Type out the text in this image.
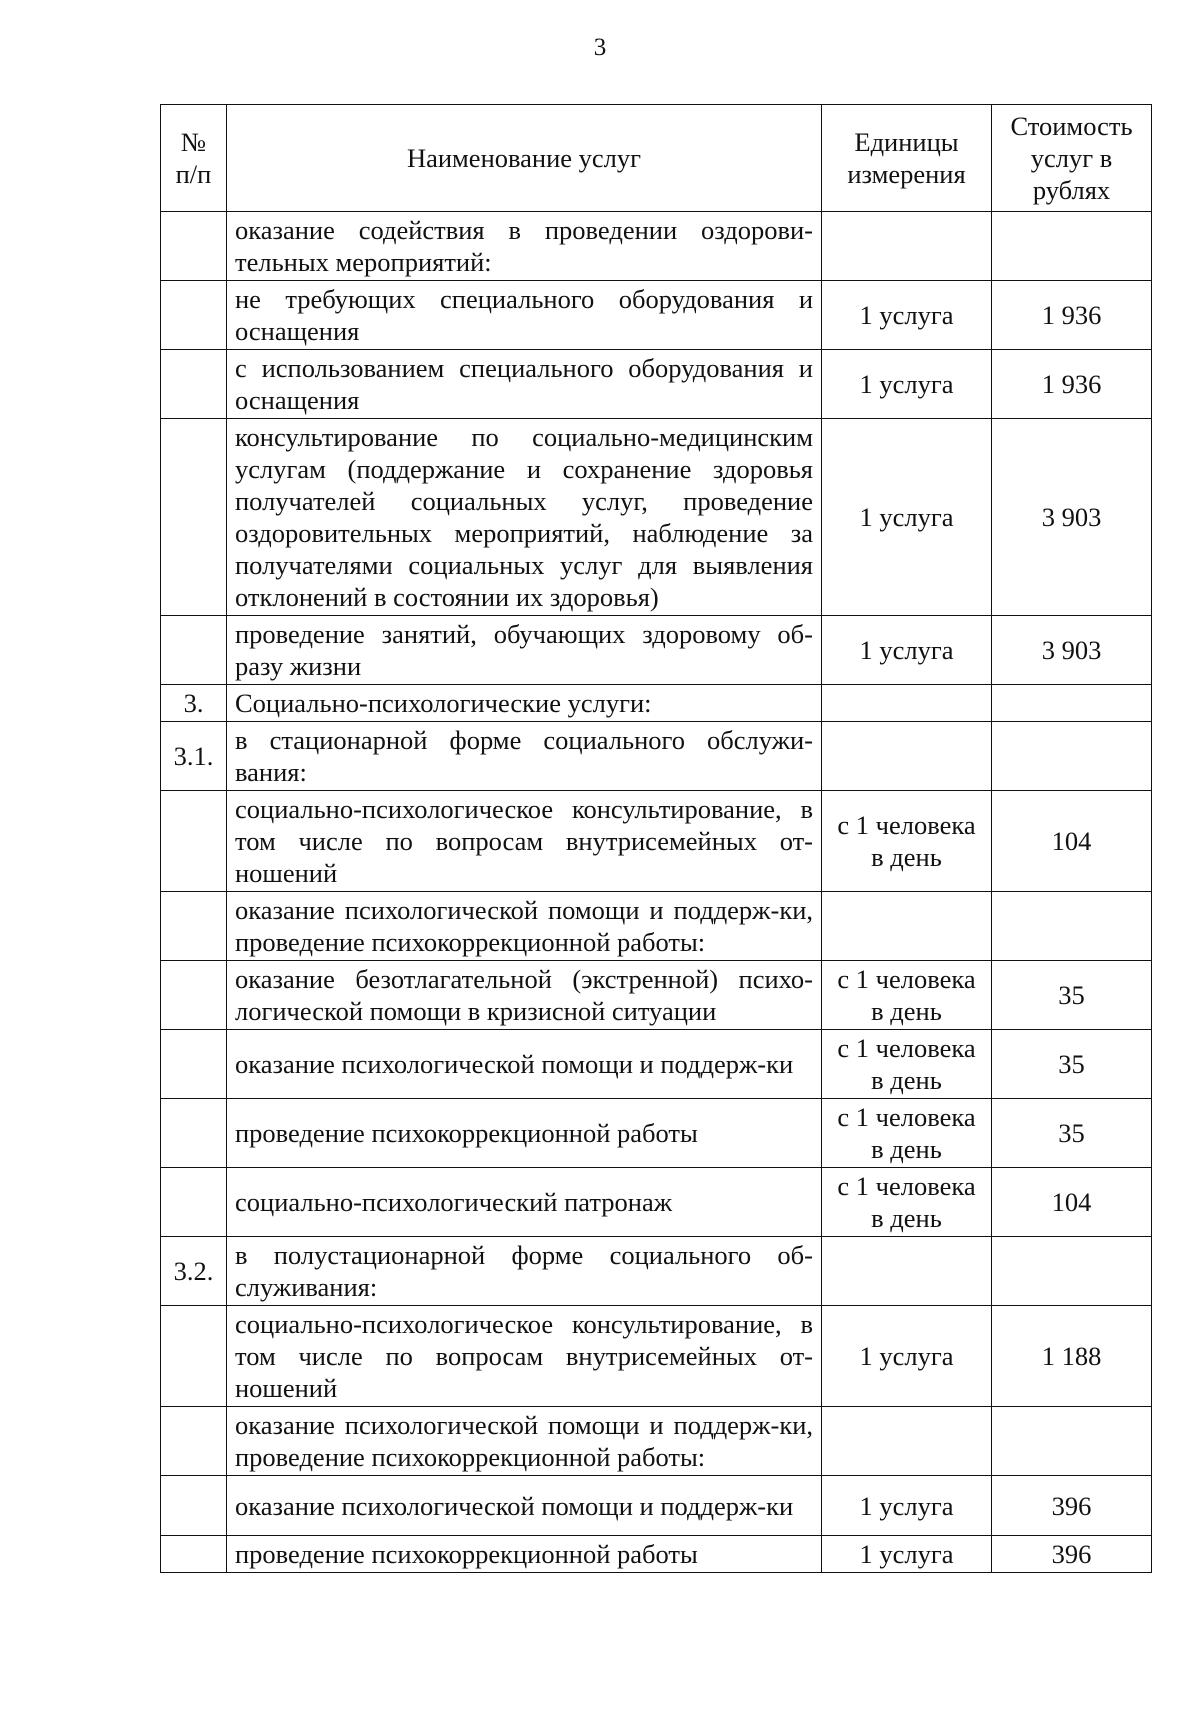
3
№ п/п	Наименование услуг	Единицы измерения	Стоимость услуг в рублях
	оказание содействия в проведении оздорови-тельных мероприятий:		
	не требующих специального оборудования и оснащения	1 услуга	1 936
	с использованием специального оборудования и оснащения	1 услуга	1 936
	консультирование по социально-медицинским услугам (поддержание и сохранение здоровья получателей социальных услуг, проведение оздоровительных мероприятий, наблюдение за получателями социальных услуг для выявления отклонений в состоянии их здоровья)	1 услуга	3 903
	проведение занятий, обучающих здоровому об-разу жизни	1 услуга	3 903
3.	Социально-психологические услуги:		
3.1.	в стационарной форме социального обслужи-вания:		
	социально-психологическое консультирование, в том числе по вопросам внутрисемейных от-ношений	с 1 человека в день	104
	оказание психологической помощи и поддерж-ки, проведение психокоррекционной работы:		
	оказание безотлагательной (экстренной) психо-логической помощи в кризисной ситуации	с 1 человека в день	35
	оказание психологической помощи и поддерж-ки	с 1 человека в день	35
	проведение психокоррекционной работы	с 1 человека в день	35
	социально-психологический патронаж	с 1 человека в день	104
3.2.	в полустационарной форме социального об-служивания:		
	социально-психологическое консультирование, в том числе по вопросам внутрисемейных от-ношений	1 услуга	1 188
	оказание психологической помощи и поддерж-ки, проведение психокоррекционной работы:		
	оказание психологической помощи и поддерж-ки	1 услуга	396
	проведение психокоррекционной работы	1 услуга	396
